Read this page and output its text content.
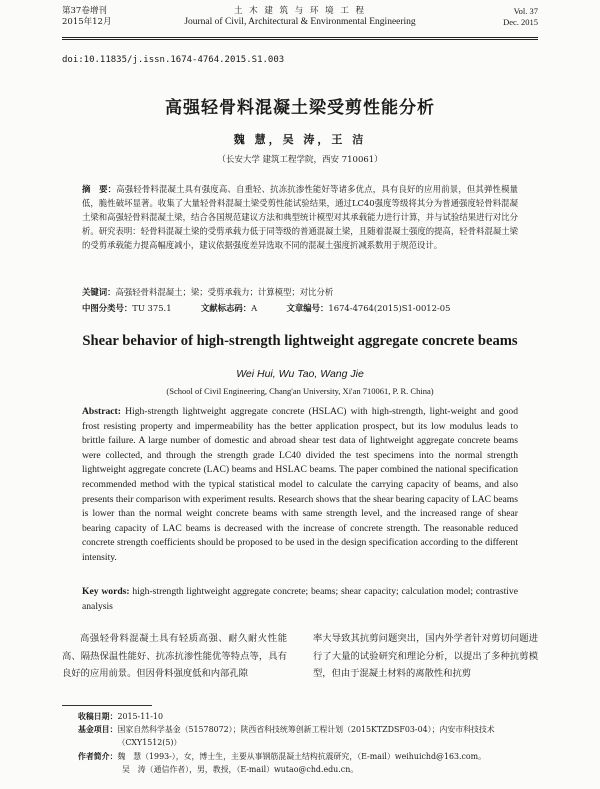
第37卷增刊
2015年12月
土 木 建 筑 与 环 境 工 程
Journal of Civil, Architectural & Environmental Engineering
Vol. 37
Dec. 2015
doi:10.11835/j.issn.1674-4764.2015.S1.003
高强轻骨料混凝土梁受剪性能分析
魏 慧，吴 涛，王 洁
（长安大学 建筑工程学院，西安 710061）
摘　要：高强轻骨料混凝土具有强度高、自重轻、抗冻抗渗性能好等诸多优点，具有良好的应用前景，但其弹性模量低，脆性破坏显著。收集了大量轻骨料混凝土梁受剪性能试验结果，通过LC40强度等级将其分为普通强度轻骨料混凝土梁和高强轻骨料混凝土梁，结合各国规范建议方法和典型统计模型对其承载能力进行计算，并与试验结果进行对比分析。研究表明：轻骨料混凝土梁的受剪承载力低于同等级的普通混凝土梁，且随着混凝土强度的提高，轻骨料混凝土梁的受剪承载能力提高幅度减小，建议依据强度差异选取不同的混凝土强度折减系数用于规范设计。
关键词：高强轻骨料混凝土；梁；受剪承载力；计算模型；对比分析
中图分类号：TU 375.1	文献标志码：A	文章编号：1674-4764(2015)S1-0012-05
Shear behavior of high-strength lightweight aggregate concrete beams
Wei Hui, Wu Tao, Wang Jie
(School of Civil Engineering, Chang'an University, Xi'an 710061, P. R. China)
Abstract: High-strength lightweight aggregate concrete (HSLAC) with high-strength, light-weight and good frost resisting property and impermeability has the better application prospect, but its low modulus leads to brittle failure. A large number of domestic and abroad shear test data of lightweight aggregate concrete beams were collected, and through the strength grade LC40 divided the test specimens into the normal strength lightweight aggregate concrete (LAC) beams and HSLAC beams. The paper combined the national specification recommended method with the typical statistical model to calculate the carrying capacity of beams, and also presents their comparison with experiment results. Research shows that the shear bearing capacity of LAC beams is lower than the normal weight concrete beams with same strength level, and the increased range of shear bearing capacity of LAC beams is decreased with the increase of concrete strength. The reasonable reduced concrete strength coefficients should be proposed to be used in the design specification according to the different intensity.
Key words: high-strength lightweight aggregate concrete; beams; shear capacity; calculation model; contrastive analysis
高强轻骨料混凝土具有轻质高强、耐久耐火性能高、隔热保温性能好、抗冻抗渗性能优等特点等，具有良好的应用前景。但因骨料强度低和内部孔隙
率大导致其抗剪问题突出，国内外学者针对剪切问题进行了大量的试验研究和理论分析，以提出了多种抗剪模型，但由于混凝土材料的离散性和抗剪
收稿日期： 2015-11-10
基金项目： 国家自然科学基金（51578072）；陕西省科技统筹创新工程计划（2015KTZDSF03-04）；内安市科技技术（CXY1512(5)）
作者简介： 魏　慧（1993-），女，博士生，主要从事钢筋混凝土结构抗震研究，（E-mail）weihuichd@163.com。
吴　涛（通信作者），男，教授，（E-mail）wutao@chd.edu.cn。
